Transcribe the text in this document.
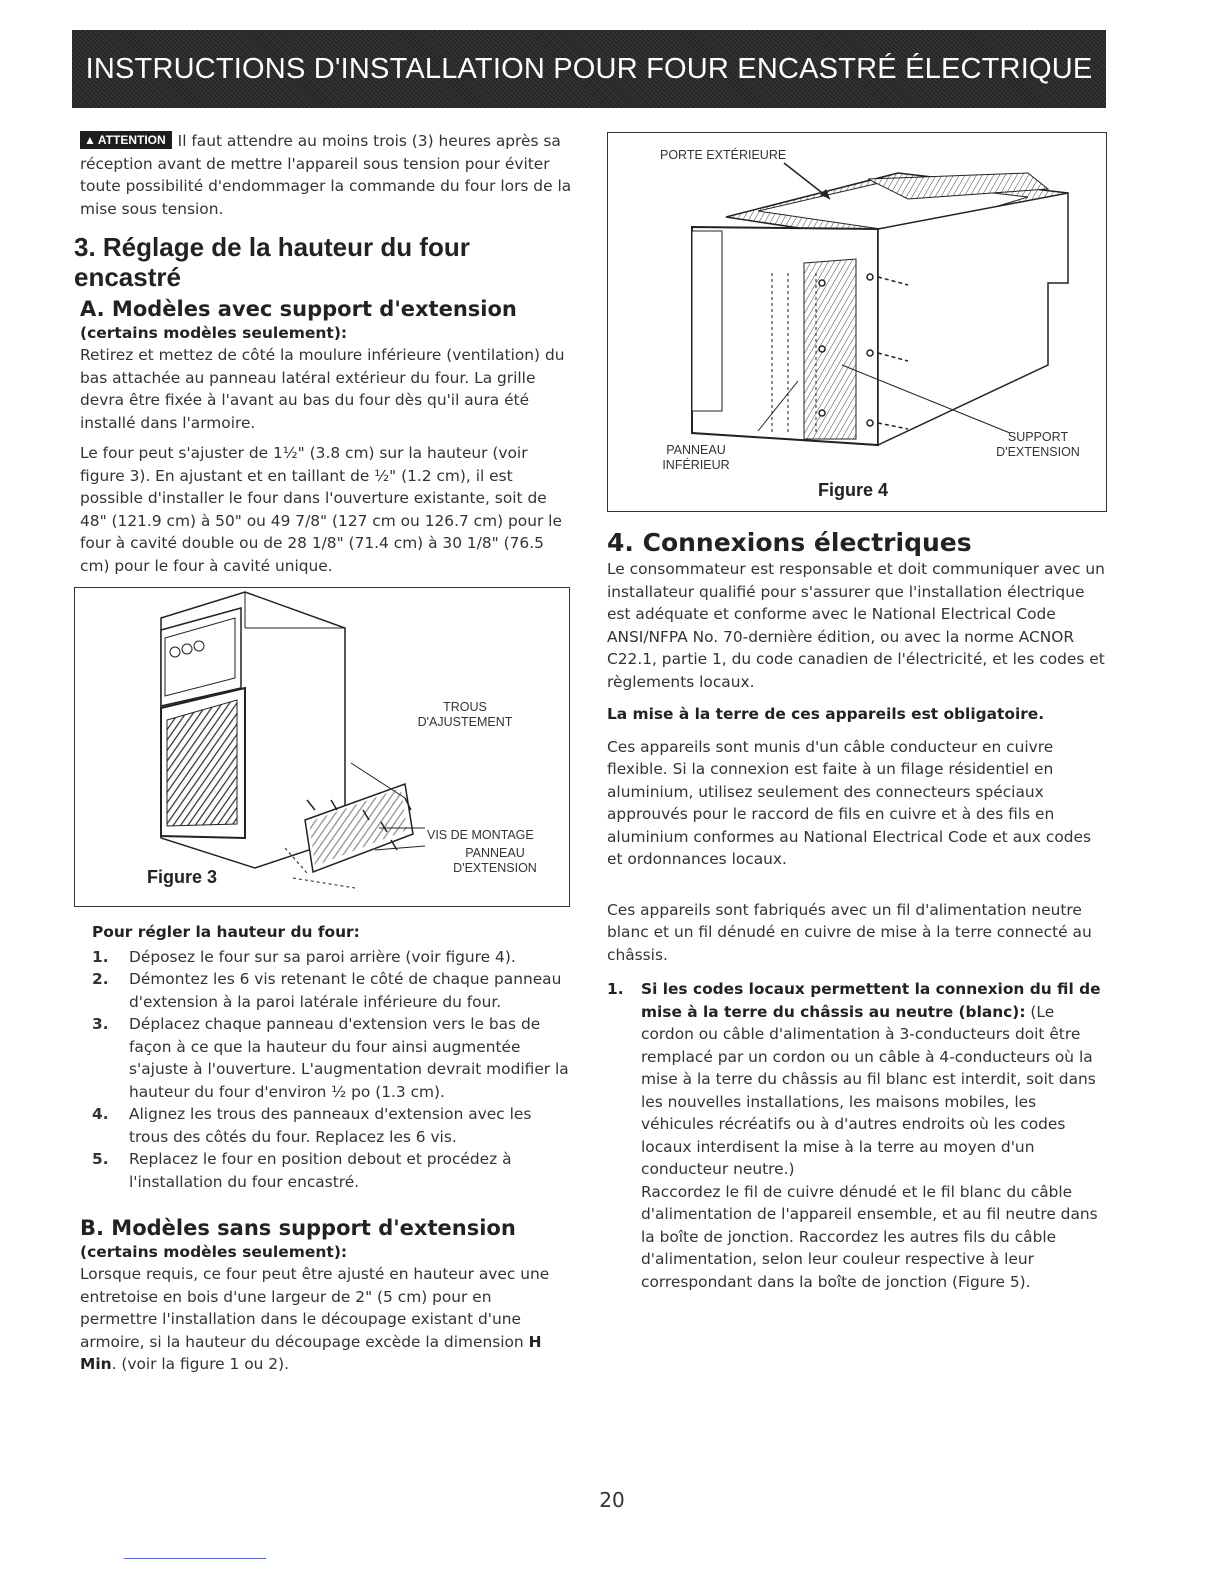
INSTRUCTIONS D'INSTALLATION POUR FOUR ENCASTRÉ ÉLECTRIQUE

▲ ATTENTION Il faut attendre au moins trois (3) heures après sa réception avant de mettre l'appareil sous tension pour éviter toute possibilité d'endommager la commande du four lors de la mise sous tension.

3. Réglage de la hauteur du four encastré
A. Modèles avec support d'extension
(certains modèles seulement):

Retirez et mettez de côté la moulure inférieure (ventilation) du bas attachée au panneau latéral extérieur du four. La grille devra être fixée à l'avant au bas du four dès qu'il aura été installé dans l'armoire.

Le four peut s'ajuster de 1½" (3.8 cm) sur la hauteur (voir figure 3). En ajustant et en taillant de ½" (1.2 cm), il est possible d'installer le four dans l'ouverture existante, soit de 48" (121.9 cm) à 50" ou 49 7/8" (127 cm ou 126.7 cm) pour le four à cavité double ou de 28 1/8" (71.4 cm) à 30 1/8" (76.5 cm) pour le four à cavité unique.

TROUS
D'AJUSTEMENT
VIS DE MONTAGE
PANNEAU
D'EXTENSION
Figure 3
Pour régler la hauteur du four:
1. Déposez le four sur sa paroi arrière (voir figure 4).
2. Démontez les 6 vis retenant le côté de chaque panneau d'extension à la paroi latérale inférieure du four.
3. Déplacez chaque panneau d'extension vers le bas de façon à ce que la hauteur du four ainsi augmentée s'ajuste à l'ouverture. L'augmentation devrait modifier la hauteur du four d'environ ½ po (1.3 cm).
4. Alignez les trous des panneaux d'extension avec les trous des côtés du four. Replacez les 6 vis.
5. Replacez le four en position debout et procédez à l'installation du four encastré.
B. Modèles sans support d'extension
(certains modèles seulement):

Lorsque requis, ce four peut être ajusté en hauteur avec une entretoise en bois d'une largeur de 2" (5 cm) pour en permettre l'installation dans le découpage existant d'une armoire, si la hauteur du découpage excède la dimension H Min. (voir la figure 1 ou 2).

PORTE EXTÉRIEURE
PANNEAU
INFÉRIEUR
SUPPORT
D'EXTENSION
Figure 4
4. Connexions électriques

Le consommateur est responsable et doit communiquer avec un installateur qualifié pour s'assurer que l'installation électrique est adéquate et conforme avec le National Electrical Code ANSI/NFPA No. 70-dernière édition, ou avec la norme ACNOR C22.1, partie 1, du code canadien de l'électricité, et les codes et règlements locaux.

La mise à la terre de ces appareils est obligatoire.

Ces appareils sont munis d'un câble conducteur en cuivre flexible. Si la connexion est faite à un filage résidentiel en aluminium, utilisez seulement des connecteurs spéciaux approuvés pour le raccord de fils en cuivre et à des fils en aluminium conformes au National Electrical Code et aux codes et ordonnances locaux.

Ces appareils sont fabriqués avec un fil d'alimentation neutre blanc et un fil dénudé en cuivre de mise à la terre connecté au châssis.

1. Si les codes locaux permettent la connexion du fil de mise à la terre du châssis au neutre (blanc): (Le cordon ou câble d'alimentation à 3-conducteurs doit être remplacé par un cordon ou un câble à 4-conducteurs où la mise à la terre du châssis au fil blanc est interdit, soit dans les nouvelles installations, les maisons mobiles, les véhicules récréatifs ou à d'autres endroits où les codes locaux interdisent la mise à la terre au moyen d'un conducteur neutre.)

Raccordez le fil de cuivre dénudé et le fil blanc du câble d'alimentation de l'appareil ensemble, et au fil neutre dans la boîte de jonction. Raccordez les autres fils du câble d'alimentation, selon leur couleur respective à leur correspondant dans la boîte de jonction (Figure 5).

20
